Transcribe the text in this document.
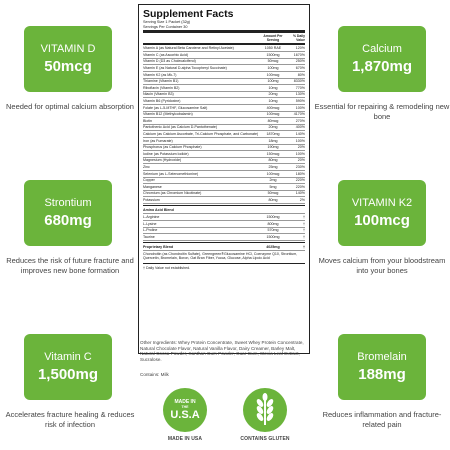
VITAMIN D
50mcg
Needed for optimal calcium absorption
Strontium
680mg
Reduces the risk of future fracture and improves new bone formation
Vitamin C
1,500mg
Accelerates fracture healing & reduces risk of infection
Calcium
1,870mg
Essential for repairing & remodeling new bone
VITAMIN K2
100mcg
Moves calcium from your bloodstream into your bones
Bromelain
188mg
Reduces inflammation and fracture-related pain
Supplement Facts
Serving Size 1 Packet (32g)
Servings Per Container 30
Amount Per Serving
% Daily Value
Vitamin A (as Natural Beta Carotene and Retinyl Acetate)	1050 RAE	120%
Vitamin C (as Ascorbic Acid)	1500mg	1670%
Vitamin D (D3 as Cholecalciferol)	50mcg	250%
Vitamin E (as Natural D-alpha Tocopheryl Succinate)	100mg	670%
Vitamin K2 (as Mk-7)	100mcg	80%
Thiamine (Vitamin B1)	100mg	8330%
Riboflavin (Vitamin B2)	10mg	770%
Niacin (Vitamin B3)	20mg	130%
Vitamin B6 (Pyridoxine)	10mg	590%
Folate (as L-5-MTHF, Glucosamine Salt)	400mcg	100%
Vitamin B12 (Methylcobalamin)	100mcg	4170%
Biotin	80mcg	270%
Pantothenic Acid (as Calcium D-Pantothenate)	20mg	400%
Calcium (as Calcium Ascorbate, Tri-Calcium Phosphate, and Carbonate)	1870mg	140%
Iron (as Fumarate)	18mg	100%
Phosphorus (as Calcium Phosphate)	190mg	20%
Iodine (as Potassium Iodide)	150mcg	100%
Magnesium (Hydroxide)	80mg	20%
Zinc	25mg	230%
Selenium (as L-Selenomethionine)	100mcg	180%
Copper	2mg	220%
Manganese	5mg	220%
Chromium (as Chromium Nicotinate)	50mcg	140%
Potassium	80mg	2%
Amino Acid Blend
L-Arginine	1500mg	†
L-Lysine	800mg	†
L-Proline	570mg	†
Taurine	1500mg	†
Proprietary Blend	4025mg	†
Chondroitin (as Chondroitin Sulfate), Greengreen®Glucosamine HCl, Coenzyme Q10, Strontium, Quercetin, Bromelain, Boron, Oat Bran Fiber, Yucca, Glucose, Alpha Lipoic Acid
† Daily Value not established.
Other Ingredients: Whey Protein Concentrate, Sweet Whey Protein Concentrate, Natural Chocolate Flavor, Natural Vanilla Flavor, Dairy Creamer, Barley Malt, Natural Cocoa Powder, Xanthan Gum Powder, Guar Gum, Stevia Leaf Extract, Sucralose.
Contains: Milk
MADE IN
THE
U.S.A
MADE IN USA	CONTAINS GLUTEN
